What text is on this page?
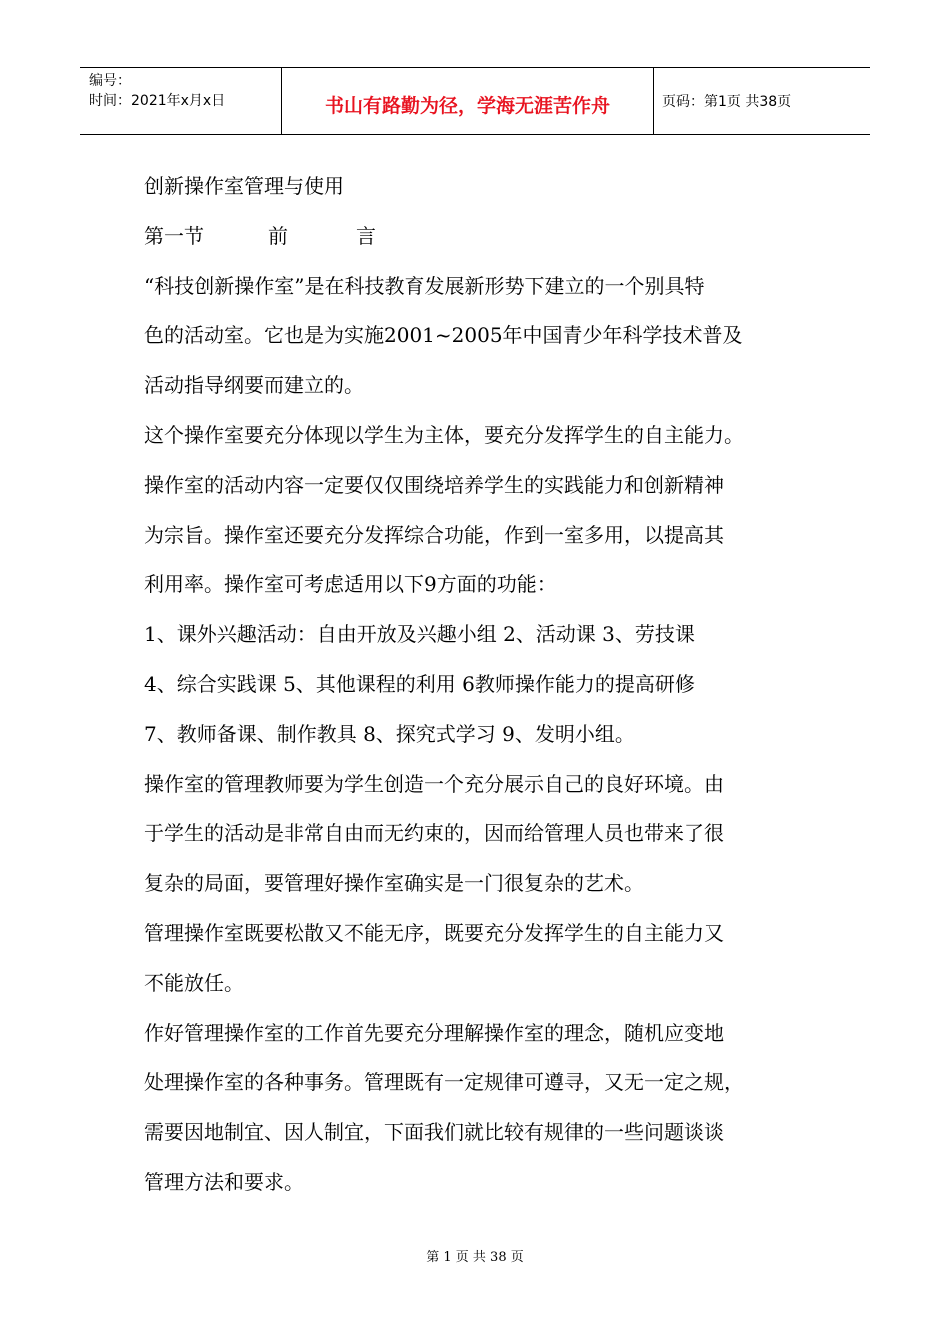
编号：
时间：2021年x月x日	书山有路勤为径，学海无涯苦作舟	页码：第1页 共38页
创新操作室管理与使用
第一节	前	言
“科技创新操作室”是在科技教育发展新形势下建立的一个别具特
色的活动室。它也是为实施2001~2005年中国青少年科学技术普及
活动指导纲要而建立的。
这个操作室要充分体现以学生为主体，要充分发挥学生的自主能力。
操作室的活动内容一定要仅仅围绕培养学生的实践能力和创新精神
为宗旨。操作室还要充分发挥综合功能，作到一室多用，以提高其
利用率。操作室可考虑适用以下9方面的功能：
1、课外兴趣活动：自由开放及兴趣小组 2、活动课 3、劳技课
4、综合实践课 5、其他课程的利用 6教师操作能力的提高研修
7、教师备课、制作教具 8、探究式学习 9、发明小组。
操作室的管理教师要为学生创造一个充分展示自己的良好环境。由
于学生的活动是非常自由而无约束的，因而给管理人员也带来了很
复杂的局面，要管理好操作室确实是一门很复杂的艺术。
管理操作室既要松散又不能无序，既要充分发挥学生的自主能力又
不能放任。
作好管理操作室的工作首先要充分理解操作室的理念，随机应变地
处理操作室的各种事务。管理既有一定规律可遵寻，又无一定之规，
需要因地制宜、因人制宜，下面我们就比较有规律的一些问题谈谈
管理方法和要求。
第 1 页 共 38 页
